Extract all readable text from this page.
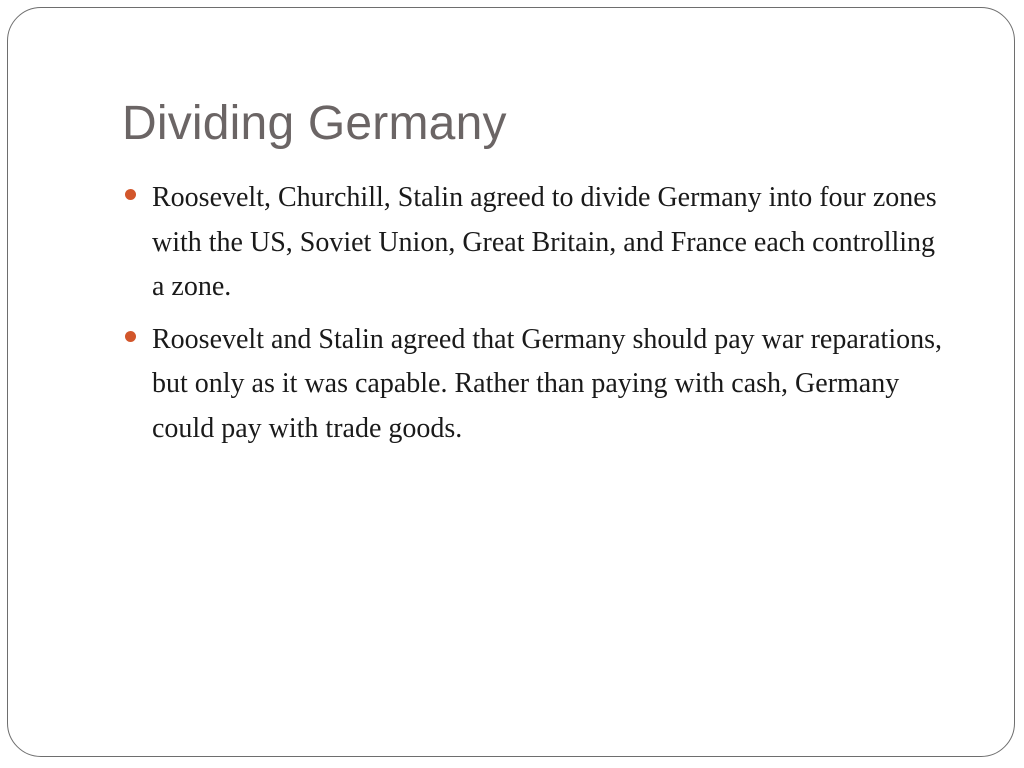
Dividing Germany
Roosevelt, Churchill, Stalin agreed to divide Germany into four zones with the US, Soviet Union, Great Britain, and France each controlling a zone.
Roosevelt and Stalin agreed that Germany should pay war reparations, but only as it was capable. Rather than paying with cash, Germany could pay with trade goods.
